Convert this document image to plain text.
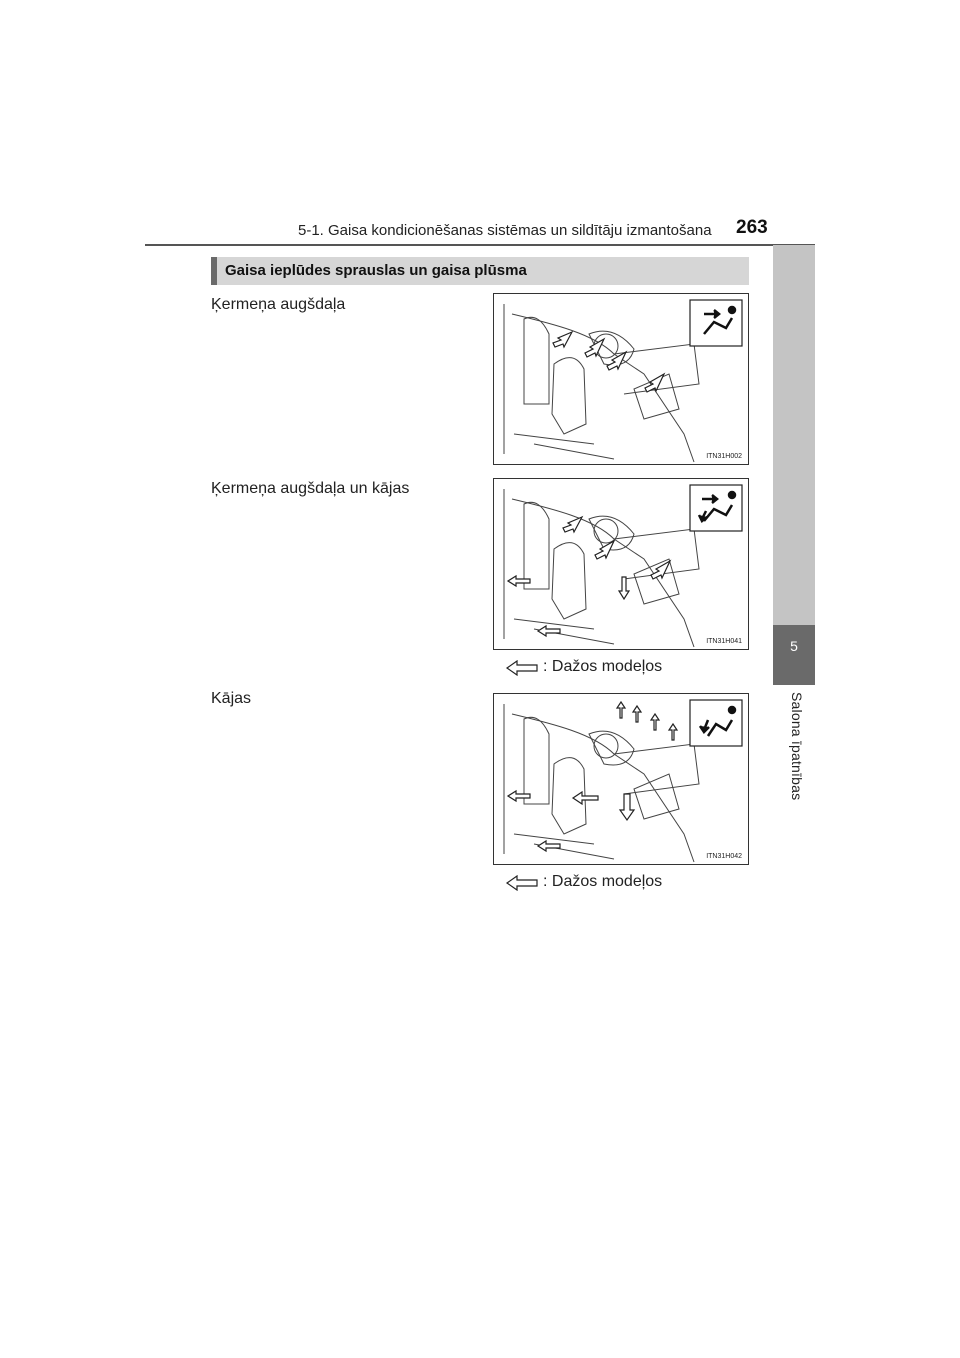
5-1. Gaisa kondicionēšanas sistēmas un sildītāju izmantošana 263
5
Salona īpatnības
Gaisa ieplūdes sprauslas un gaisa plūsma
Ķermeņa augšdaļa
ITN31H002
Ķermeņa augšdaļa un kājas
ITN31H041
: Dažos modeļos
Kājas
ITN31H042
: Dažos modeļos
